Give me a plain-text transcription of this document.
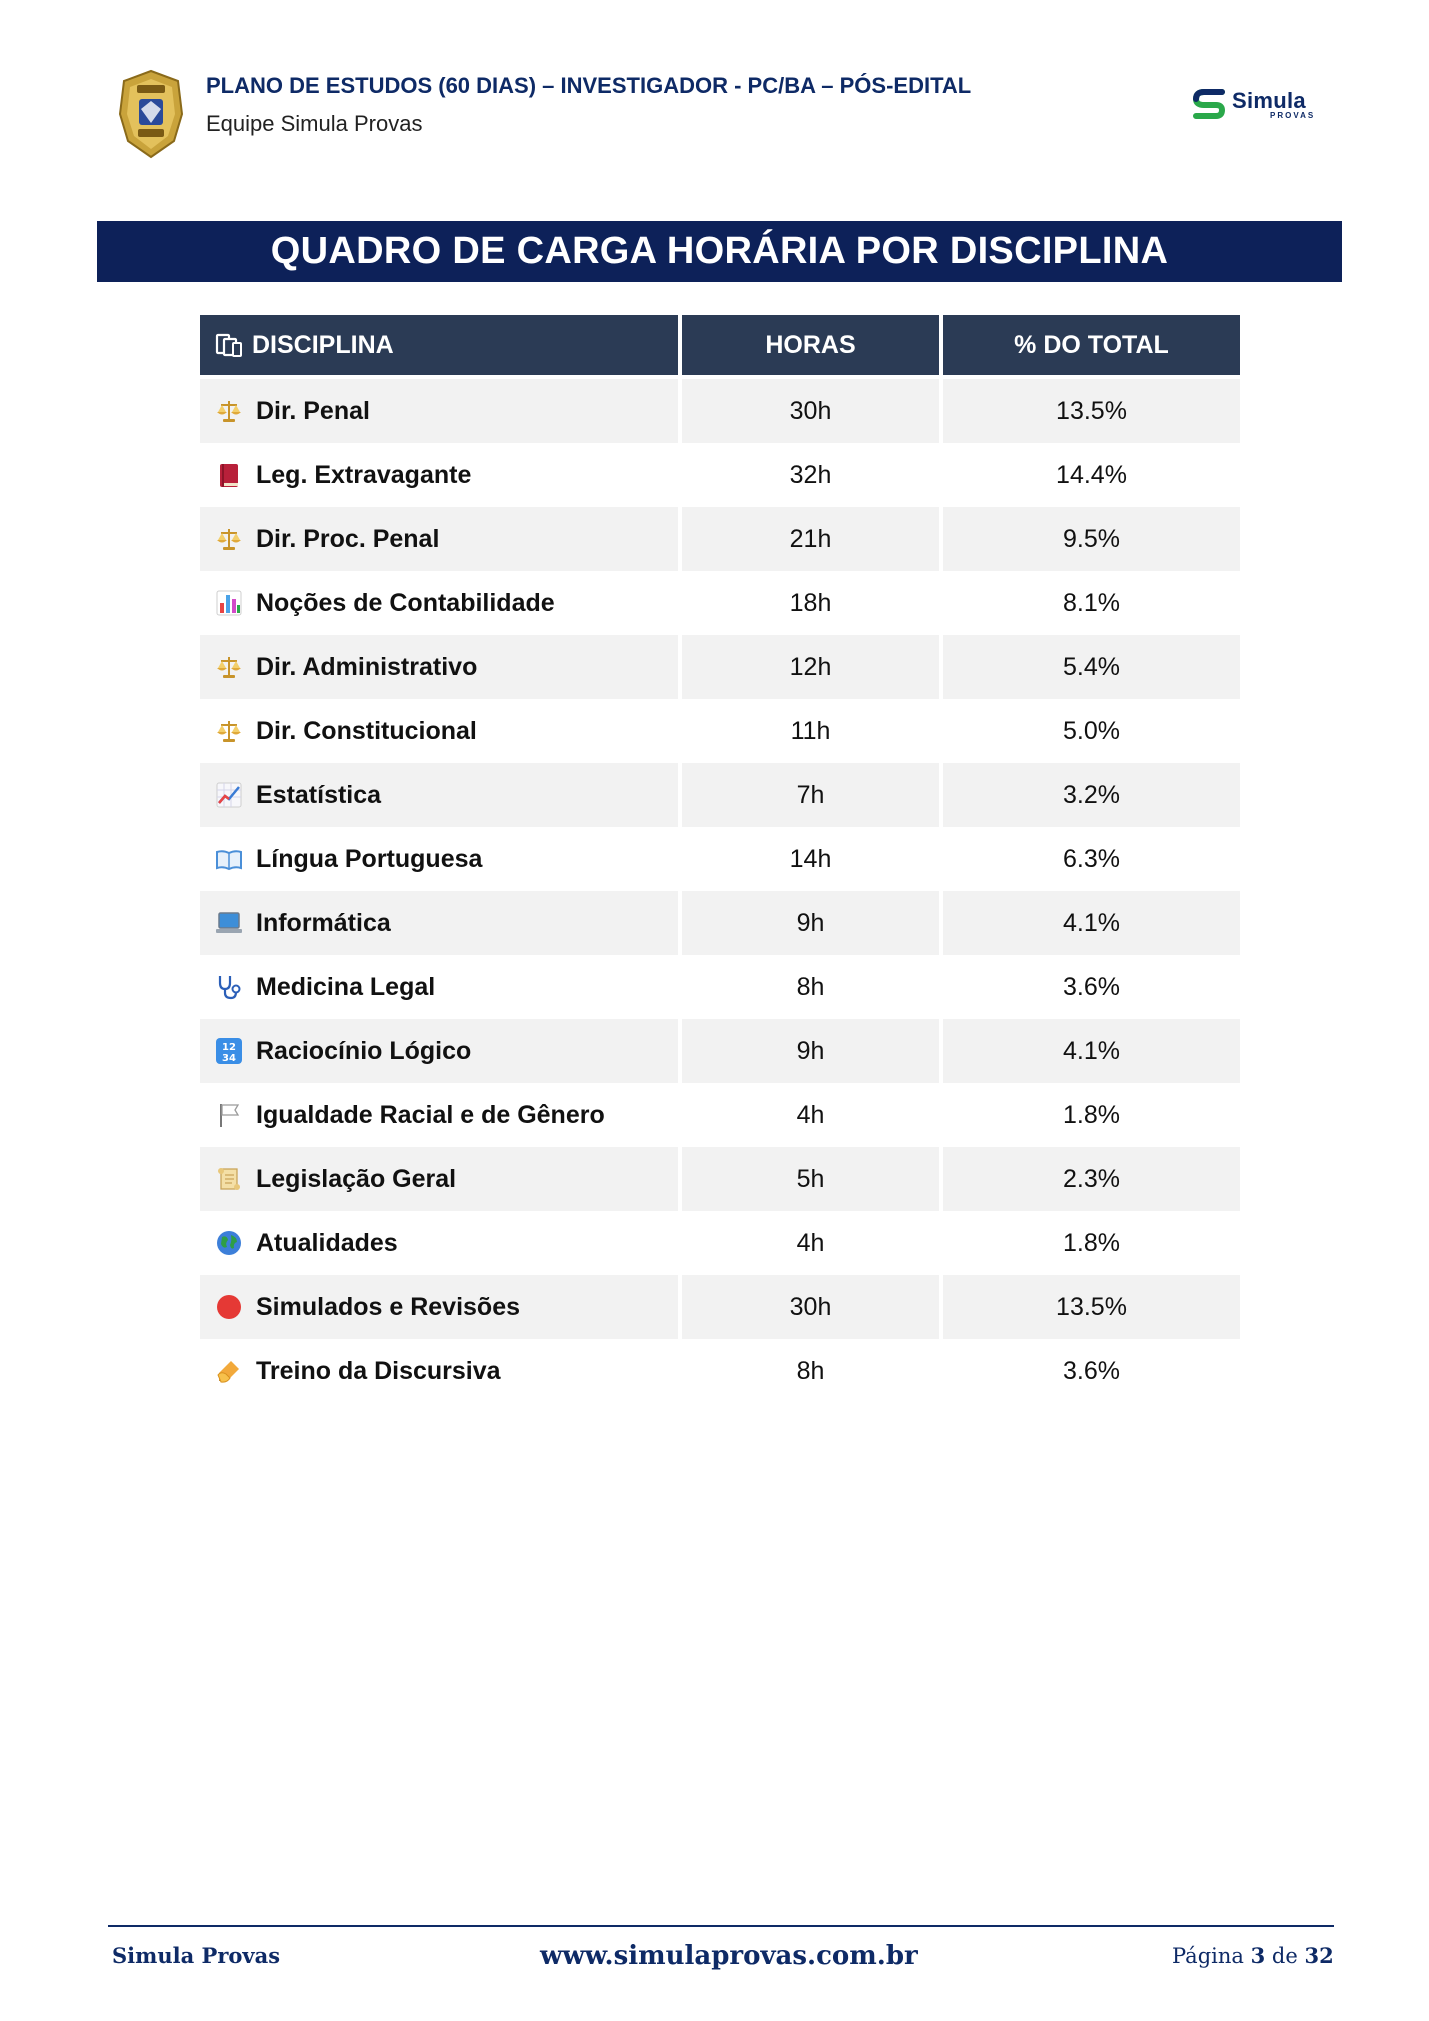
PLANO DE ESTUDOS (60 DIAS) – INVESTIGADOR - PC/BA – PÓS-EDITAL
Equipe Simula Provas
Simula
PROVAS
QUADRO DE CARGA HORÁRIA POR DISCIPLINA
DISCIPLINA	HORAS	% DO TOTAL
Dir. Penal	30h	13.5%
Leg. Extravagante	32h	14.4%
Dir. Proc. Penal	21h	9.5%
Noções de Contabilidade	18h	8.1%
Dir. Administrativo	12h	5.4%
Dir. Constitucional	11h	5.0%
Estatística	7h	3.2%
Língua Portuguesa	14h	6.3%
Informática	9h	4.1%
Medicina Legal	8h	3.6%
12
34 Raciocínio Lógico	9h	4.1%
Igualdade Racial e de Gênero	4h	1.8%
Legislação Geral	5h	2.3%
Atualidades	4h	1.8%
Simulados e Revisões	30h	13.5%
Treino da Discursiva	8h	3.6%
Simula Provas	www.simulaprovas.com.br	Página 3 de 32
